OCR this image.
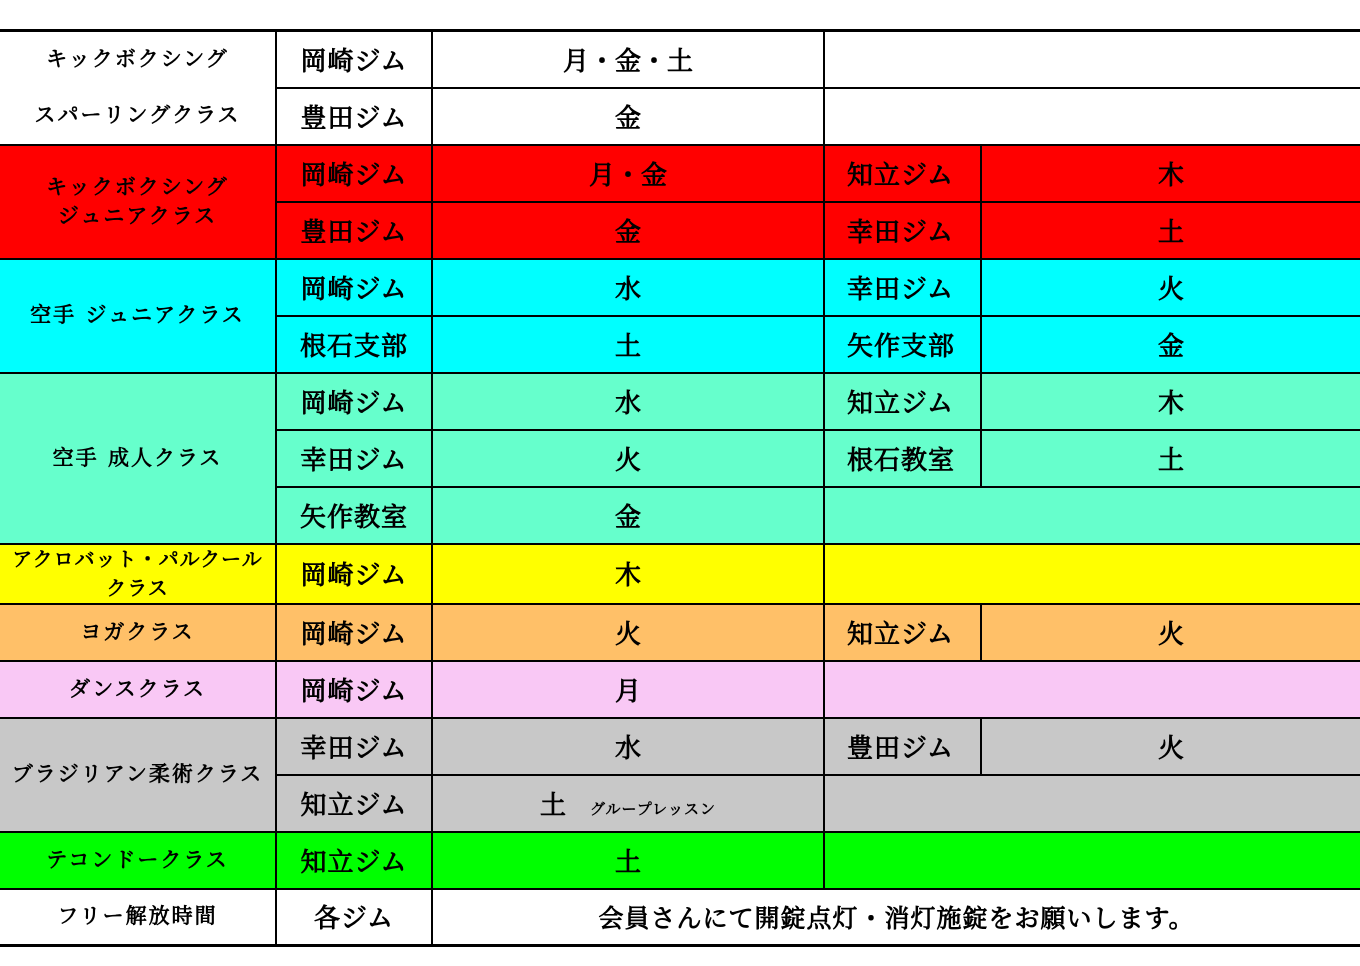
キックボクシング	岡崎ジム	月・金・土		
スパーリングクラス	豊田ジム	金		

キックボクシング
ジュニアクラス	岡崎ジム	月・金	知立ジム	木
	豊田ジム	金	幸田ジム	土
空手 ジュニアクラス	岡崎ジム	水	幸田ジム	火
	根石支部	土	矢作支部	金
空手 成人クラス	岡崎ジム	水	知立ジム	木
	幸田ジム	火	根石教室	土
	矢作教室	金		

アクロバット・パルクール
クラス	岡崎ジム	木		
ヨガクラス	岡崎ジム	火	知立ジム	火
ダンスクラス	岡崎ジム	月		
ブラジリアン柔術クラス	幸田ジム	水	豊田ジム	火
	知立ジム	土 グループレッスン		
テコンドークラス	知立ジム	土		
フリー解放時間	各ジム	会員さんにて開錠点灯・消灯施錠をお願いします。		
